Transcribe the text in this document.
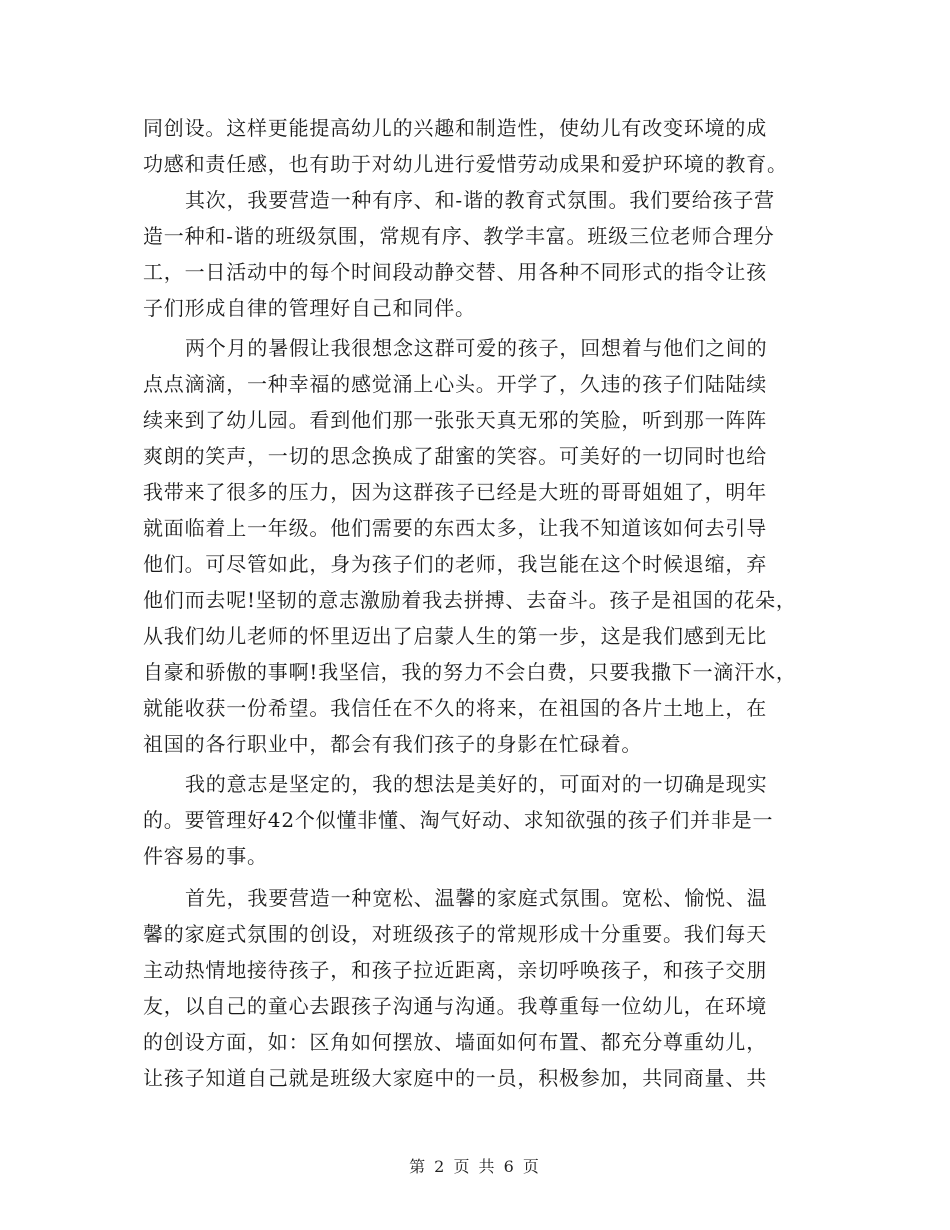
同创设。这样更能提高幼儿的兴趣和制造性，使幼儿有改变环境的成
功感和责任感，也有助于对幼儿进行爱惜劳动成果和爱护环境的教育。
其次，我要营造一种有序、和-谐的教育式氛围。我们要给孩子营
造一种和-谐的班级氛围，常规有序、教学丰富。班级三位老师合理分
工，一日活动中的每个时间段动静交替、用各种不同形式的指令让孩
子们形成自律的管理好自己和同伴。
两个月的暑假让我很想念这群可爱的孩子，回想着与他们之间的
点点滴滴，一种幸福的感觉涌上心头。开学了，久违的孩子们陆陆续
续来到了幼儿园。看到他们那一张张天真无邪的笑脸，听到那一阵阵
爽朗的笑声，一切的思念换成了甜蜜的笑容。可美好的一切同时也给
我带来了很多的压力，因为这群孩子已经是大班的哥哥姐姐了，明年
就面临着上一年级。他们需要的东西太多，让我不知道该如何去引导
他们。可尽管如此，身为孩子们的老师，我岂能在这个时候退缩，弃
他们而去呢!坚韧的意志激励着我去拼搏、去奋斗。孩子是祖国的花朵，
从我们幼儿老师的怀里迈出了启蒙人生的第一步，这是我们感到无比
自豪和骄傲的事啊!我坚信，我的努力不会白费，只要我撒下一滴汗水，
就能收获一份希望。我信任在不久的将来，在祖国的各片土地上，在
祖国的各行职业中，都会有我们孩子的身影在忙碌着。
我的意志是坚定的，我的想法是美好的，可面对的一切确是现实
的。要管理好42个似懂非懂、淘气好动、求知欲强的孩子们并非是一
件容易的事。
首先，我要营造一种宽松、温馨的家庭式氛围。宽松、愉悦、温
馨的家庭式氛围的创设，对班级孩子的常规形成十分重要。我们每天
主动热情地接待孩子，和孩子拉近距离，亲切呼唤孩子，和孩子交朋
友，以自己的童心去跟孩子沟通与沟通。我尊重每一位幼儿，在环境
的创设方面，如：区角如何摆放、墙面如何布置、都充分尊重幼儿，
让孩子知道自己就是班级大家庭中的一员，积极参加，共同商量、共
第 2 页 共 6 页
